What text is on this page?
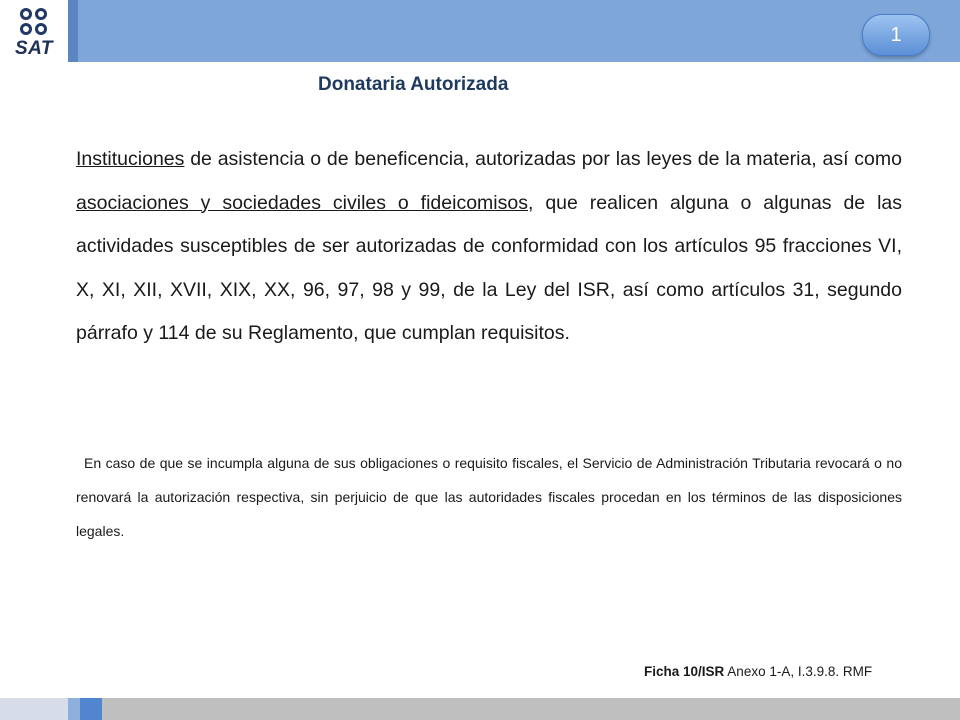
SAT
1
Donataria Autorizada
Instituciones de asistencia o de beneficencia, autorizadas por las leyes de la materia, así como asociaciones y sociedades civiles o fideicomisos, que realicen alguna o algunas de las actividades susceptibles de ser autorizadas de conformidad con los artículos 95 fracciones VI, X, XI, XII, XVII, XIX, XX, 96, 97, 98 y 99, de la Ley del ISR, así como artículos 31, segundo párrafo y 114 de su Reglamento, que cumplan requisitos.
En caso de que se incumpla alguna de sus obligaciones o requisito fiscales, el Servicio de Administración Tributaria revocará o no renovará la autorización respectiva, sin perjuicio de que las autoridades fiscales procedan en los términos de las disposiciones legales.
Ficha 10/ISR Anexo 1-A, I.3.9.8. RMF
